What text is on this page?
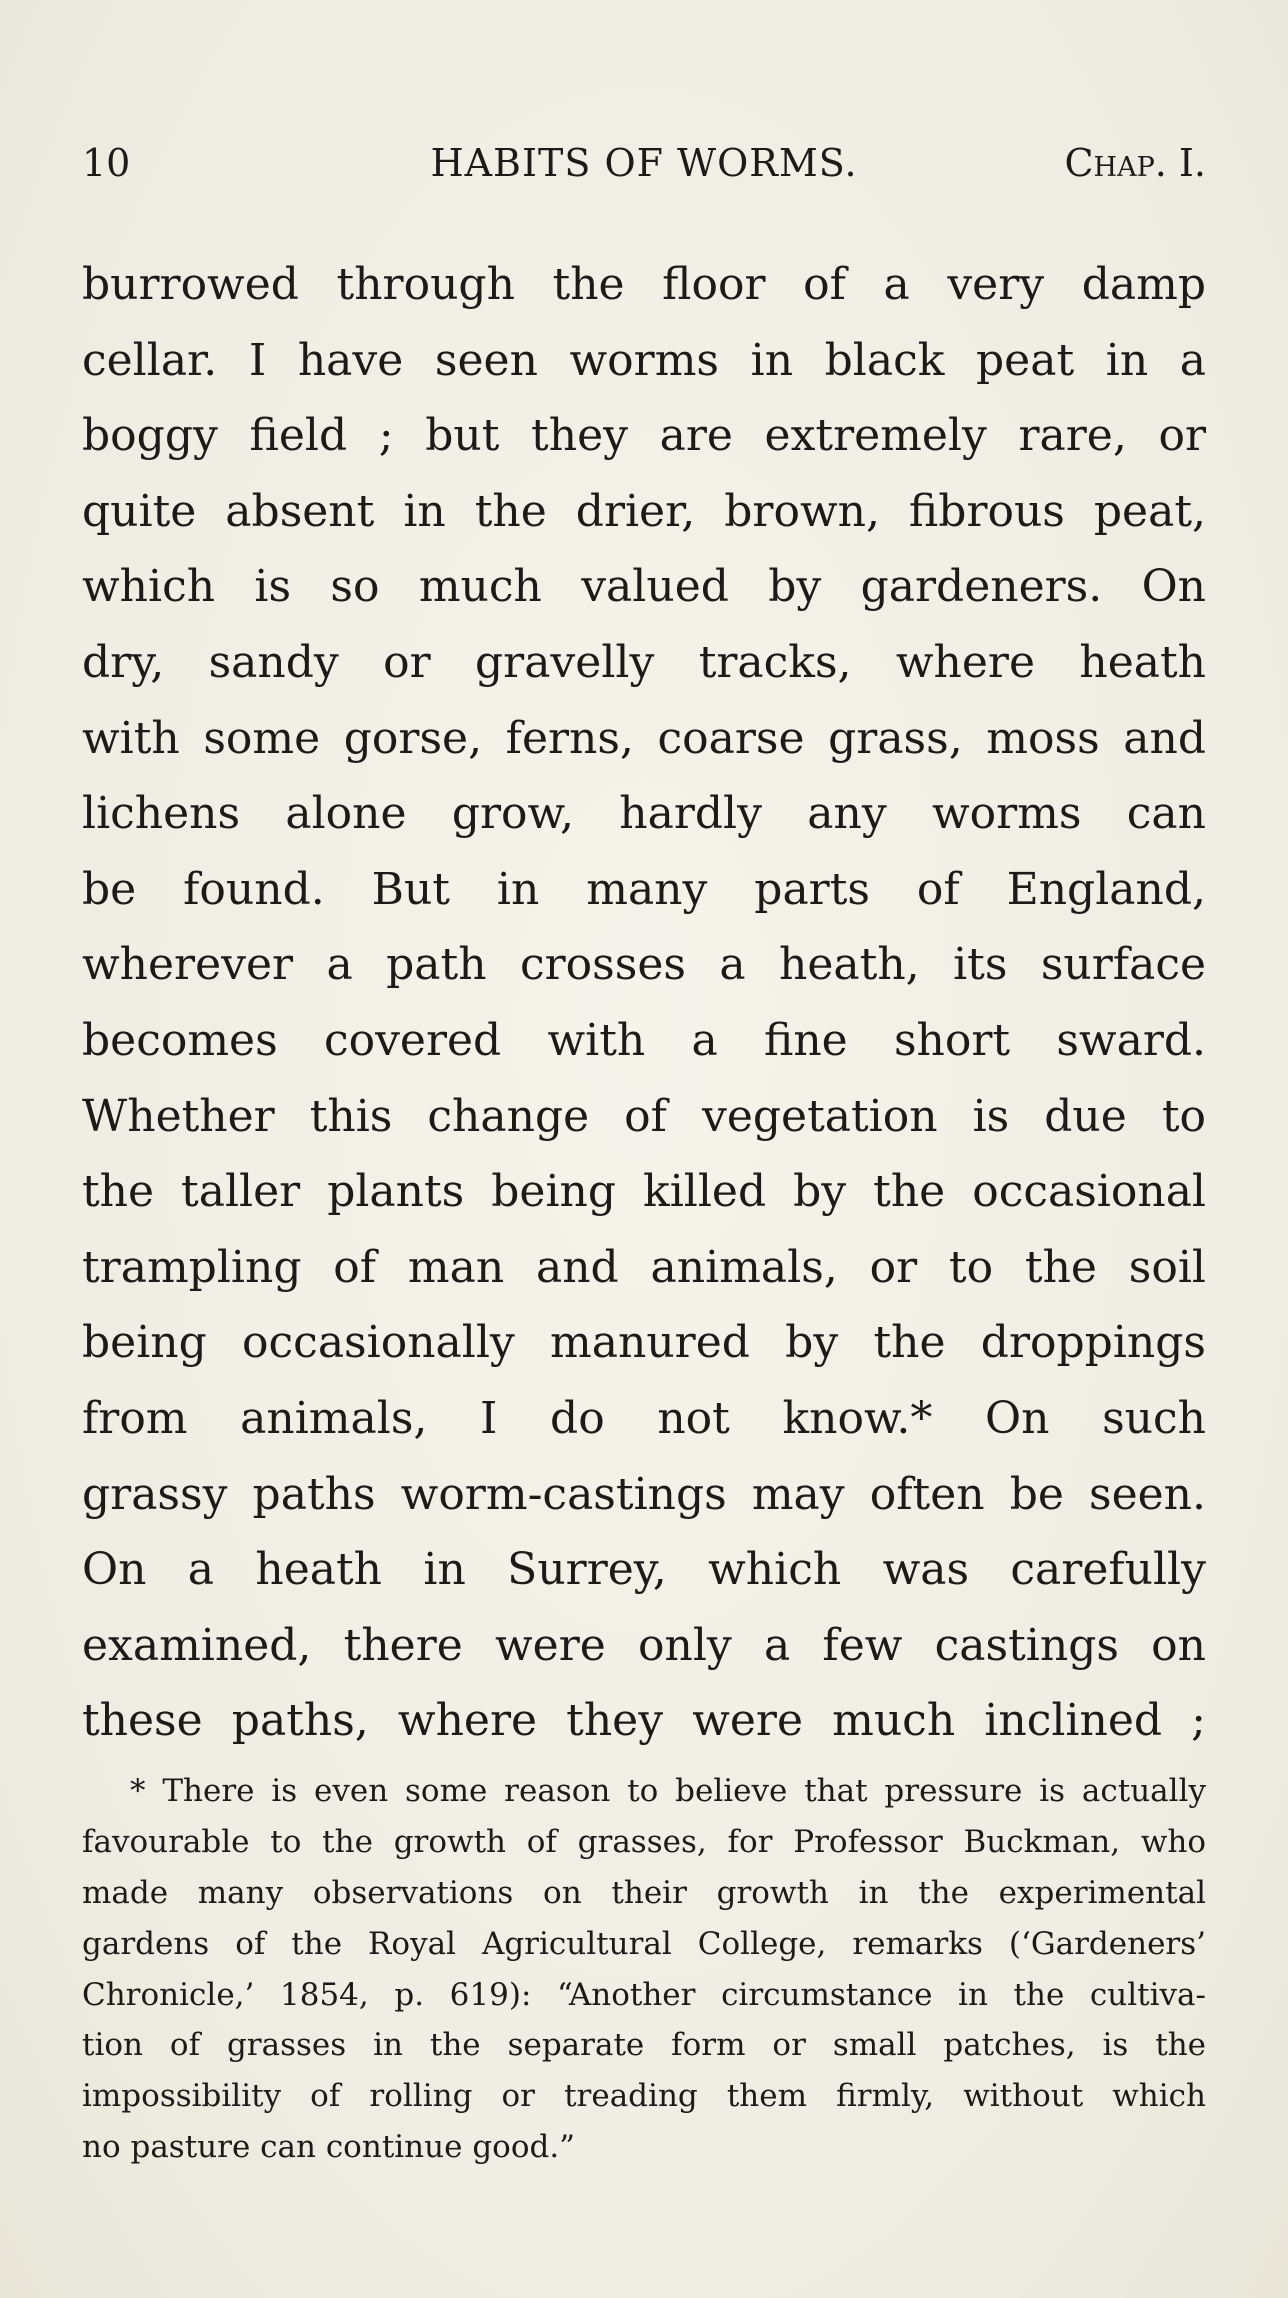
10	HABITS OF WORMS.	Chap. I.
burrowed through the floor of a very damp
cellar. I have seen worms in black peat in a
boggy field ; but they are extremely rare, or
quite absent in the drier, brown, fibrous peat,
which is so much valued by gardeners. On
dry, sandy or gravelly tracks, where heath
with some gorse, ferns, coarse grass, moss and
lichens alone grow, hardly any worms can
be found. But in many parts of England,
wherever a path crosses a heath, its surface
becomes covered with a fine short sward.
Whether this change of vegetation is due to
the taller plants being killed by the occasional
trampling of man and animals, or to the soil
being occasionally manured by the droppings
from animals, I do not know.* On such
grassy paths worm-castings may often be seen.
On a heath in Surrey, which was carefully
examined, there were only a few castings on
these paths, where they were much inclined ;
* There is even some reason to believe that pressure is actually
favourable to the growth of grasses, for Professor Buckman, who
made many observations on their growth in the experimental
gardens of the Royal Agricultural College, remarks (‘Gardeners’
Chronicle,’ 1854, p. 619): “Another circumstance in the cultiva-
tion of grasses in the separate form or small patches, is the
impossibility of rolling or treading them firmly, without which
no pasture can continue good.”
